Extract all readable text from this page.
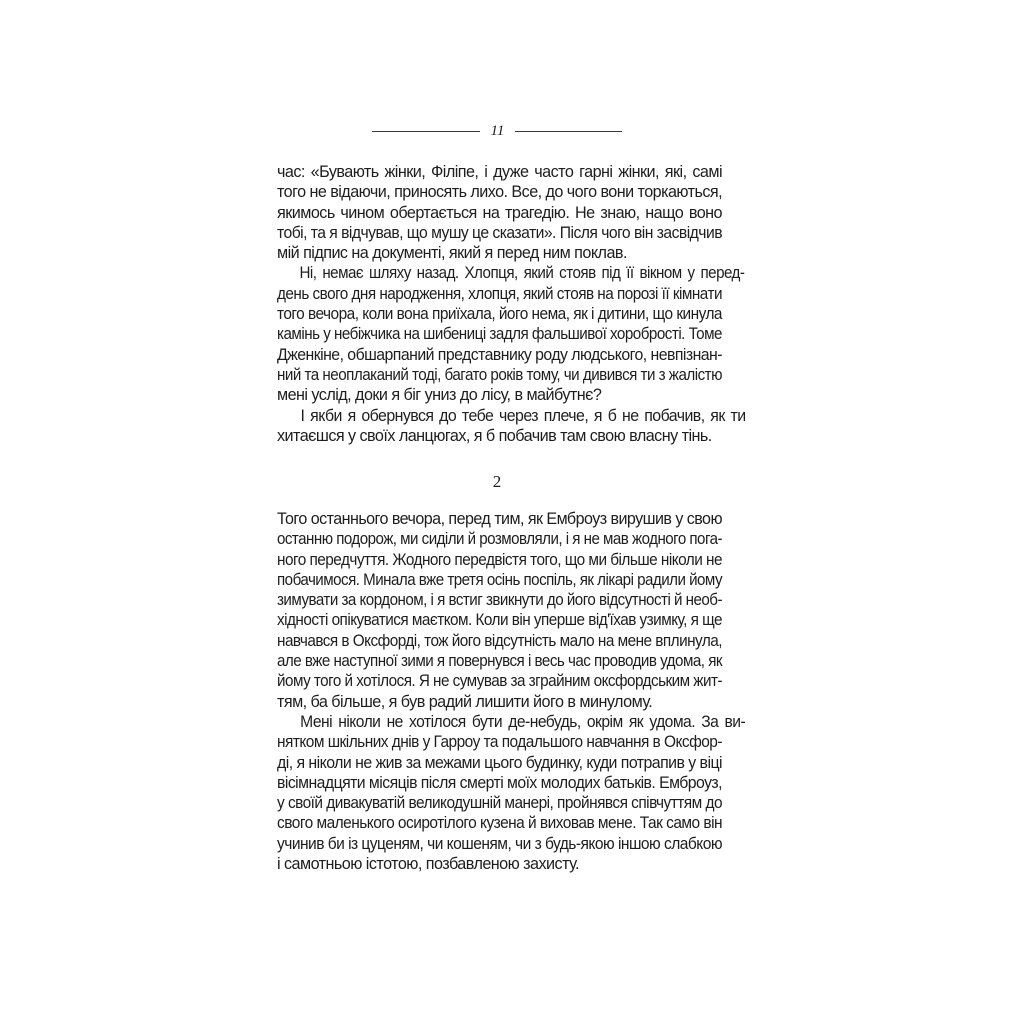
11
час: «Бувають жінки, Філіпе, і дуже часто гарні жінки, які, самі
того не відаючи, приносять лихо. Все, до чого вони торкаються,
якимось чином обертається на трагедію. Не знаю, нащо воно
тобі, та я відчував, що мушу це сказати». Після чого він засвідчив
мій підпис на документі, який я перед ним поклав.
Ні, немає шляху назад. Хлопця, який стояв під її вікном у перед-
день свого дня народження, хлопця, який стояв на порозі її кімнати
того вечора, коли вона приїхала, його нема, як і дитини, що кинула
камінь у небіжчика на шибениці задля фальшивої хоробрості. Томе
Дженкіне, обшарпаний представнику роду людського, невпізнан-
ний та неоплаканий тоді, багато років тому, чи дивився ти з жалістю
мені услід, доки я біг униз до лісу, в майбутнє?
І якби я обернувся до тебе через плече, я б не побачив, як ти
хитаєшся у своїх ланцюгах, я б побачив там свою власну тінь.
2
Того останнього вечора, перед тим, як Емброуз вирушив у свою
останню подорож, ми сиділи й розмовляли, і я не мав жодного пога-
ного передчуття. Жодного передвістя того, що ми більше ніколи не
побачимося. Минала вже третя осінь поспіль, як лікарі радили йому
зимувати за кордоном, і я встиг звикнути до його відсутності й необ-
хідності опікуватися маєтком. Коли він уперше від'їхав узимку, я ще
навчався в Оксфорді, тож його відсутність мало на мене вплинула,
але вже наступної зими я повернувся і весь час проводив удома, як
йому того й хотілося. Я не сумував за зграйним оксфордським жит-
тям, ба більше, я був радий лишити його в минулому.
Мені ніколи не хотілося бути де-небудь, окрім як удома. За ви-
нятком шкільних днів у Гарроу та подальшого навчання в Оксфор-
ді, я ніколи не жив за межами цього будинку, куди потрапив у віці
вісімнадцяти місяців після смерті моїх молодих батьків. Емброуз,
у своїй дивакуватій великодушній манері, пройнявся співчуттям до
свого маленького осиротілого кузена й виховав мене. Так само він
учинив би із цуценям, чи кошеням, чи з будь-якою іншою слабкою
і самотньою істотою, позбавленою захисту.
